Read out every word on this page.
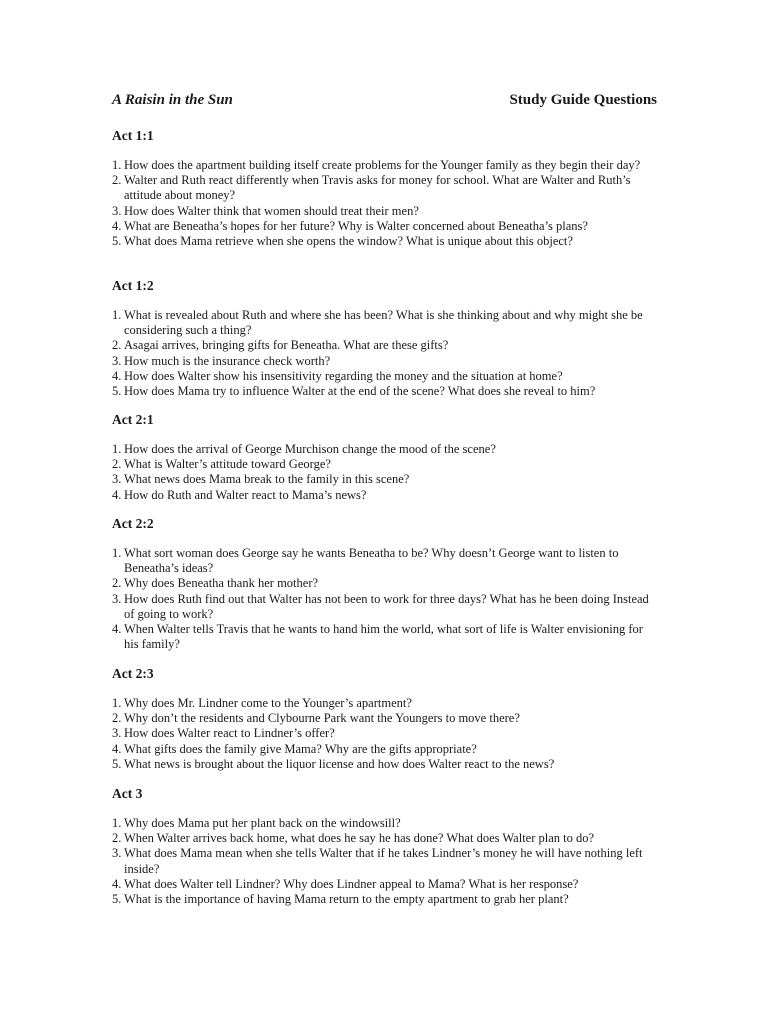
A Raisin in the Sun	Study Guide Questions
Act 1:1
1. How does the apartment building itself create problems for the Younger family as they begin their day?
2. Walter and Ruth react differently when Travis asks for money for school. What are Walter and Ruth’s attitude about money?
3. How does Walter think that women should treat their men?
4. What are Beneatha’s hopes for her future? Why is Walter concerned about Beneatha’s plans?
5. What does Mama retrieve when she opens the window? What is unique about this object?
Act 1:2
1. What is revealed about Ruth and where she has been? What is she thinking about and why might she be considering such a thing?
2. Asagai arrives, bringing gifts for Beneatha. What are these gifts?
3. How much is the insurance check worth?
4. How does Walter show his insensitivity regarding the money and the situation at home?
5. How does Mama try to influence Walter at the end of the scene? What does she reveal to him?
Act 2:1
1. How does the arrival of George Murchison change the mood of the scene?
2. What is Walter’s attitude toward George?
3. What news does Mama break to the family in this scene?
4. How do Ruth and Walter react to Mama’s news?
Act 2:2
1. What sort woman does George say he wants Beneatha to be? Why doesn’t George want to listen to Beneatha’s ideas?
2. Why does Beneatha thank her mother?
3. How does Ruth find out that Walter has not been to work for three days? What has he been doing Instead of going to work?
4. When Walter tells Travis that he wants to hand him the world, what sort of life is Walter envisioning for his family?
Act 2:3
1. Why does Mr. Lindner come to the Younger’s apartment?
2. Why don’t the residents and Clybourne Park want the Youngers to move there?
3. How does Walter react to Lindner’s offer?
4. What gifts does the family give Mama? Why are the gifts appropriate?
5. What news is brought about the liquor license and how does Walter react to the news?
Act 3
1. Why does Mama put her plant back on the windowsill?
2. When Walter arrives back home, what does he say he has done? What does Walter plan to do?
3. What does Mama mean when she tells Walter that if he takes Lindner’s money he will have nothing left inside?
4. What does Walter tell Lindner? Why does Lindner appeal to Mama? What is her response?
5. What is the importance of having Mama return to the empty apartment to grab her plant?
